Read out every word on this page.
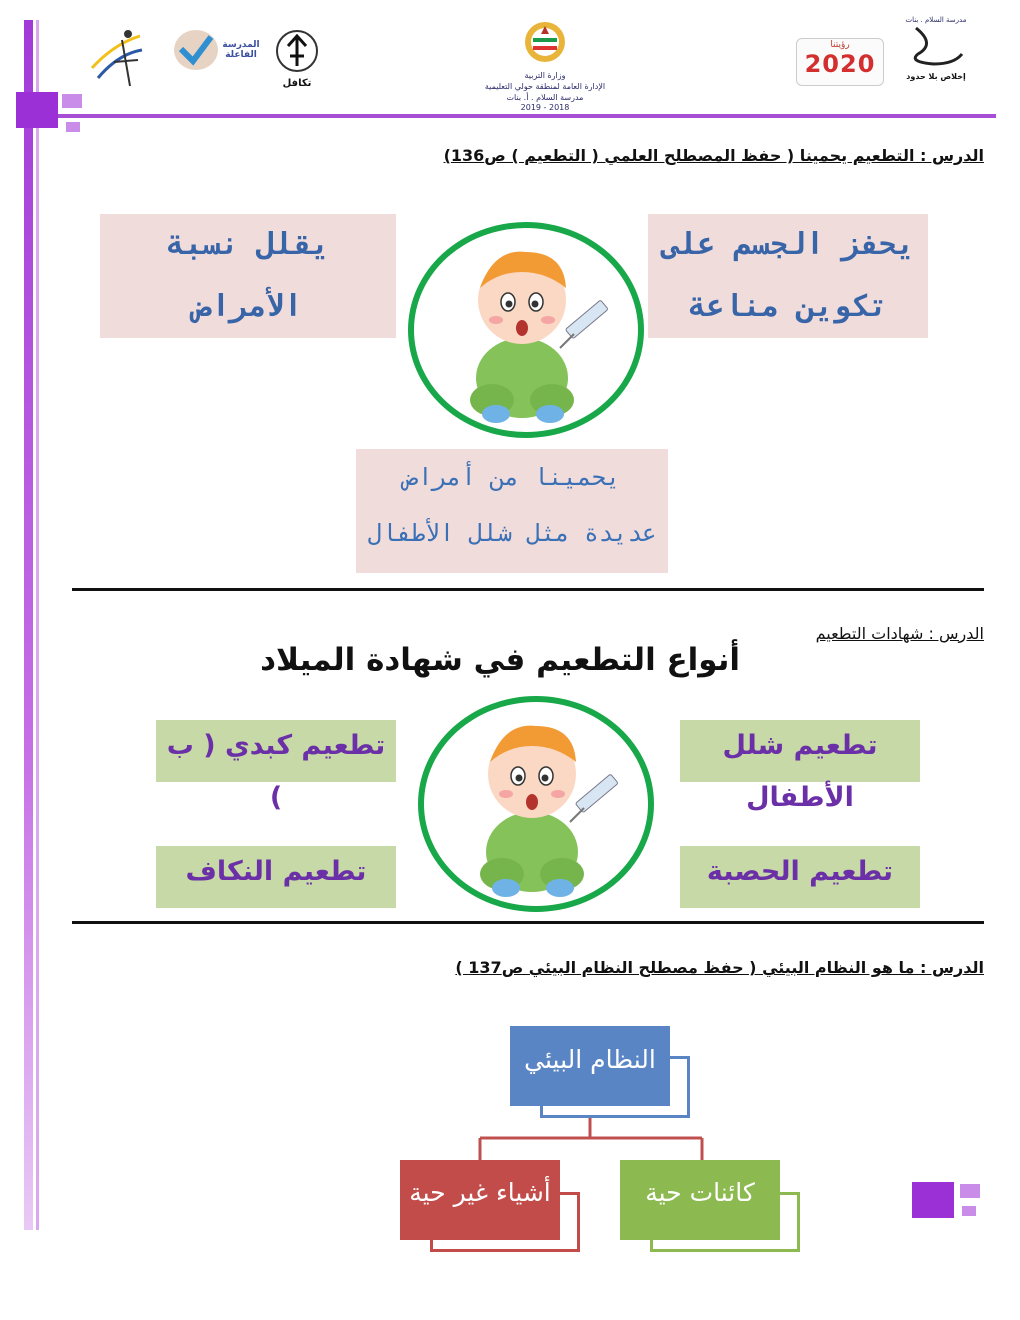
المدرسة الفاعلة
تكافل
وزارة التربية
الإدارة العامة لمنطقة حولي التعليمية
مدرسة السلام . أ. بنات
2018 - 2019
رؤيتنا
2020
مدرسة السلام . بنات
إخلاص بلا حدود
الدرس : التطعيم يحمينا ( حفظ المصطلح العلمي ( التطعيم ) ص136)
يحفز الجسم على
تكوين مناعة
يقلل نسبة
الأمراض
يحمينا من أمراض
عديدة مثل شلل الأطفال
الدرس : شهادات التطعيم
أنواع التطعيم في شهادة الميلاد
تطعيم شلل الأطفال
تطعيم كبدي ( ب )
تطعيم الحصبة
تطعيم النكاف
الدرس : ما هو النظام البيئي ( حفظ مصطلح النظام البيئي ص137 )
النظام البيئي
كائنات حية
أشياء غير حية
